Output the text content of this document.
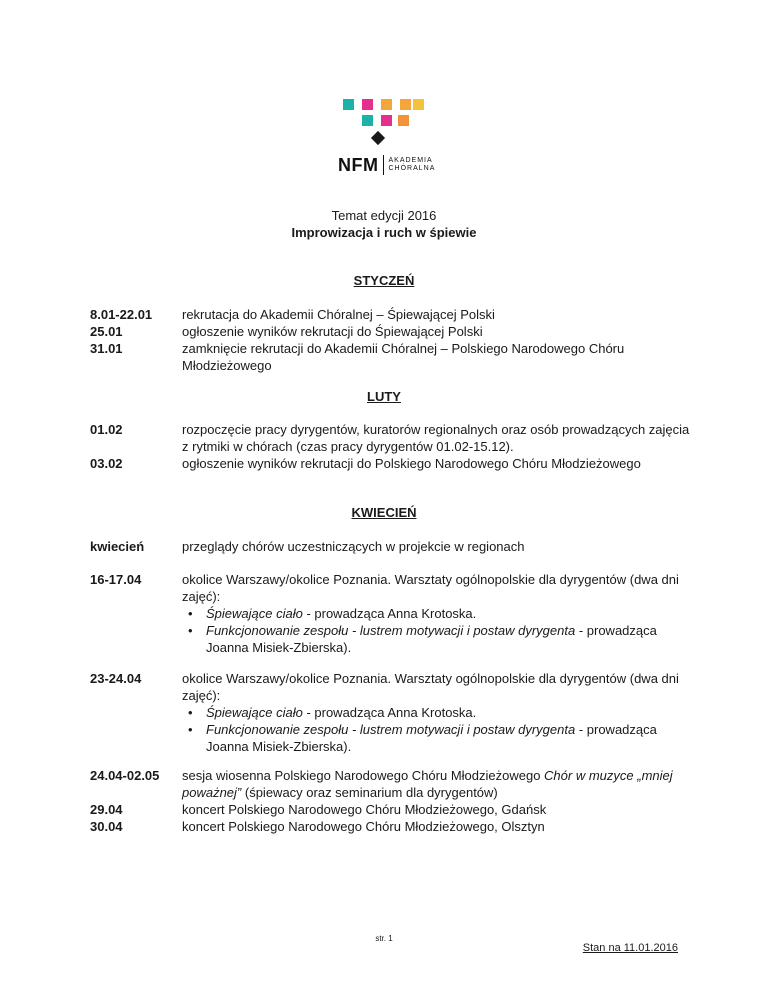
NFM AKADEMIA
CHÓRALNA
Temat edycji 2016
Improwizacja i ruch w śpiewie
STYCZEŃ
8.01-22.01	rekrutacja do Akademii Chóralnej – Śpiewającej Polski
25.01	ogłoszenie wyników rekrutacji do Śpiewającej Polski
31.01	zamknięcie rekrutacji do Akademii Chóralnej – Polskiego Narodowego Chóru Młodzieżowego
LUTY
01.02	rozpoczęcie pracy dyrygentów, kuratorów regionalnych oraz osób prowadzących zajęcia z rytmiki w chórach (czas pracy dyrygentów 01.02-15.12).
03.02	ogłoszenie wyników rekrutacji do Polskiego Narodowego Chóru Młodzieżowego
KWIECIEŃ
kwiecień	przeglądy chórów uczestniczących w projekcie w regionach
16-17.04	okolice Warszawy/okolice Poznania. Warsztaty ogólnopolskie dla dyrygentów (dwa dni zajęć):
• Śpiewające ciało - prowadząca Anna Krotoska.
• Funkcjonowanie zespołu - lustrem motywacji i postaw dyrygenta - prowadząca Joanna Misiek-Zbierska).
23-24.04	okolice Warszawy/okolice Poznania. Warsztaty ogólnopolskie dla dyrygentów (dwa dni zajęć):
• Śpiewające ciało - prowadząca Anna Krotoska.
• Funkcjonowanie zespołu - lustrem motywacji i postaw dyrygenta - prowadząca Joanna Misiek-Zbierska).
24.04-02.05	sesja wiosenna Polskiego Narodowego Chóru Młodzieżowego Chór w muzyce „mniej poważnej” (śpiewacy oraz seminarium dla dyrygentów)
29.04	koncert Polskiego Narodowego Chóru Młodzieżowego, Gdańsk
30.04	koncert Polskiego Narodowego Chóru Młodzieżowego, Olsztyn
str. 1
Stan na 11.01.2016
